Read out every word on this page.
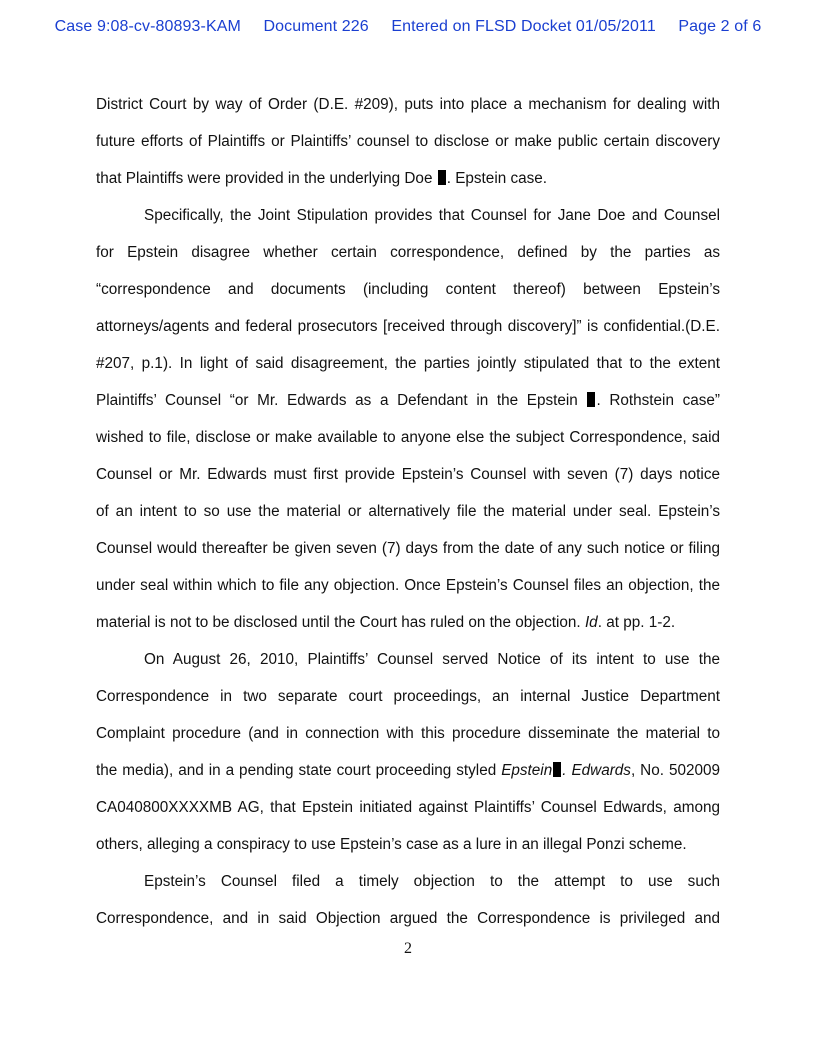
Case 9:08-cv-80893-KAM Document 226 Entered on FLSD Docket 01/05/2011 Page 2 of 6
District Court by way of Order (D.E. #209), puts into place a mechanism for dealing with
future efforts of Plaintiffs or Plaintiffs’ counsel to disclose or make public certain discovery
that Plaintiffs were provided in the underlying Doe . Epstein case.
Specifically, the Joint Stipulation provides that Counsel for Jane Doe and Counsel
for Epstein disagree whether certain correspondence, defined by the parties as
“correspondence and documents (including content thereof) between Epstein’s
attorneys/agents and federal prosecutors [received through discovery]” is confidential.(D.E.
#207, p.1). In light of said disagreement, the parties jointly stipulated that to the extent
Plaintiffs’ Counsel “or Mr. Edwards as a Defendant in the Epstein . Rothstein case”
wished to file, disclose or make available to anyone else the subject Correspondence, said
Counsel or Mr. Edwards must first provide Epstein’s Counsel with seven (7) days notice
of an intent to so use the material or alternatively file the material under seal. Epstein’s
Counsel would thereafter be given seven (7) days from the date of any such notice or filing
under seal within which to file any objection. Once Epstein’s Counsel files an objection, the
material is not to be disclosed until the Court has ruled on the objection. Id. at pp. 1-2.
On August 26, 2010, Plaintiffs’ Counsel served Notice of its intent to use the
Correspondence in two separate court proceedings, an internal Justice Department
Complaint procedure (and in connection with this procedure disseminate the material to
the media), and in a pending state court proceeding styled Epstein . Edwards, No. 502009
CA040800XXXXMB AG, that Epstein initiated against Plaintiffs’ Counsel Edwards, among
others, alleging a conspiracy to use Epstein’s case as a lure in an illegal Ponzi scheme.
Epstein’s Counsel filed a timely objection to the attempt to use such
Correspondence, and in said Objection argued the Correspondence is privileged and
2
